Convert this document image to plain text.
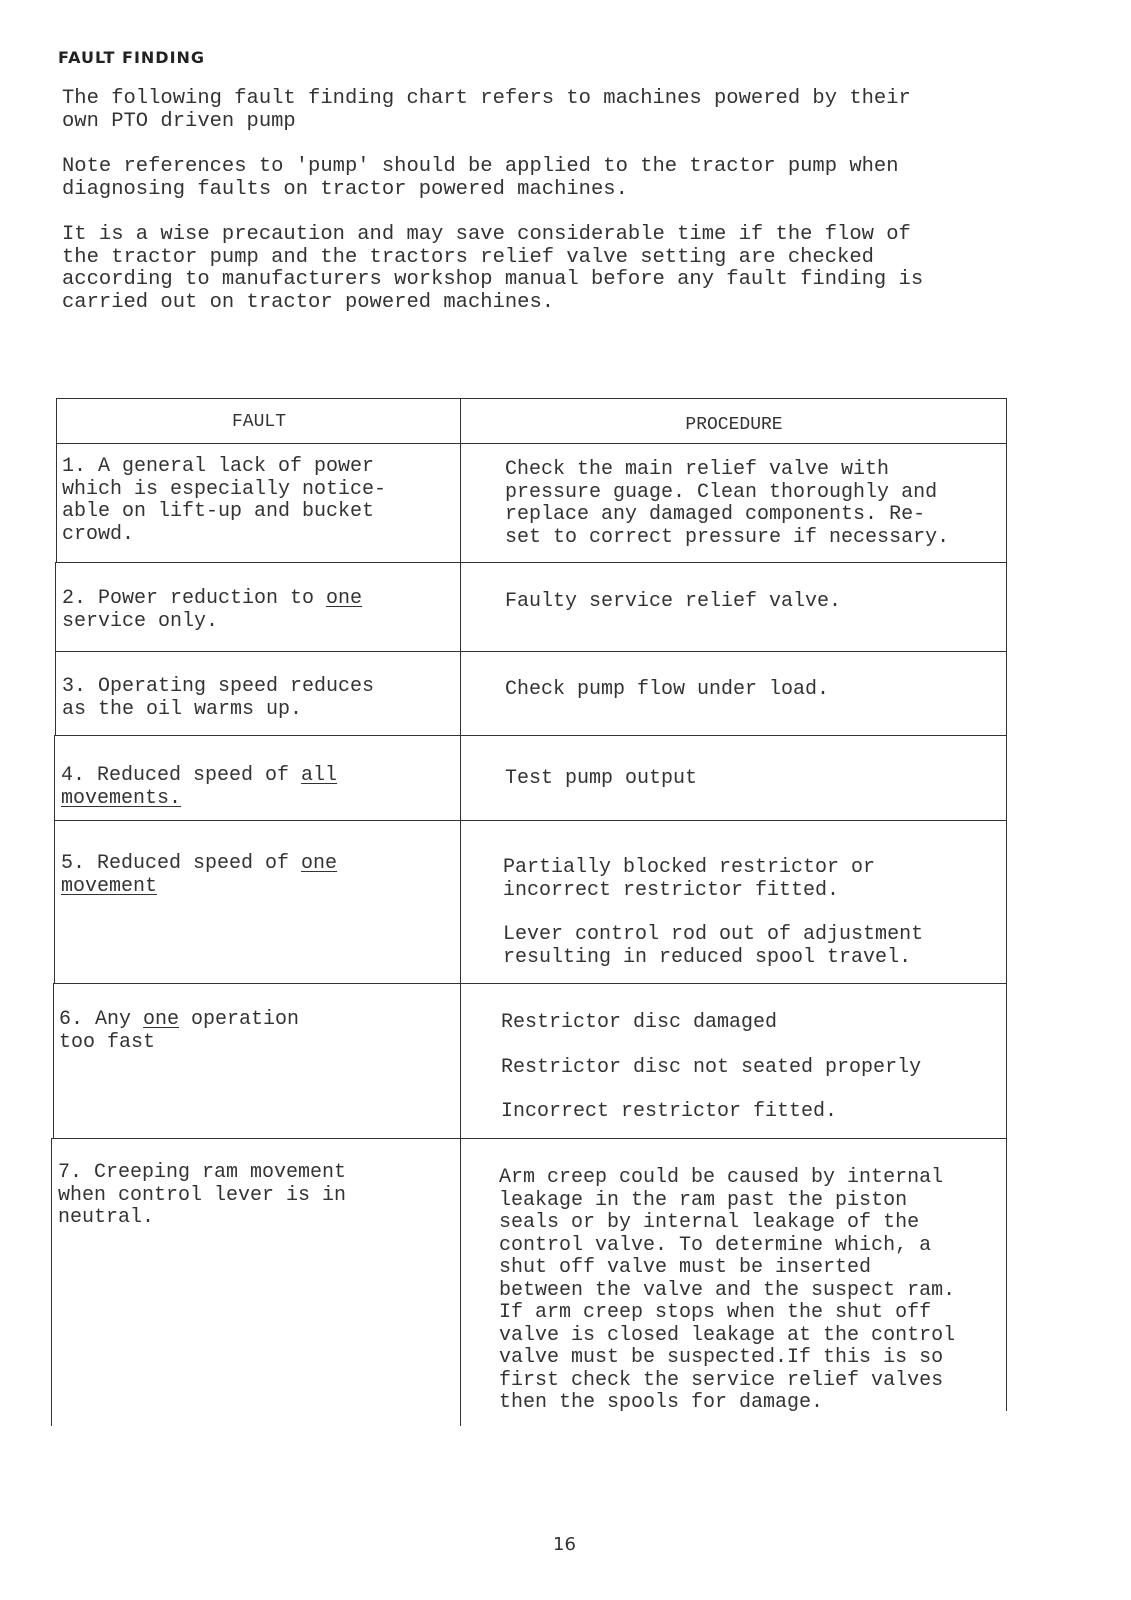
FAULT FINDING
The following fault finding chart refers to machines powered by their
own PTO driven pump
Note references to 'pump' should be applied to the tractor pump when
diagnosing faults on tractor powered machines.
It is a wise precaution and may save considerable time if the flow of
the tractor pump and the tractors relief valve setting are checked
according to manufacturers workshop manual before any fault finding is
carried out on tractor powered machines.
FAULT	PROCEDURE

1. A general lack of power
which is especially notice-
able on lift-up and bucket
crowd.

Check the main relief valve with
pressure guage. Clean thoroughly and
replace any damaged components. Re-
set to correct pressure if necessary.

2. Power reduction to one
service only.

Faulty service relief valve.

3. Operating speed reduces
as the oil warms up.

Check pump flow under load.

4. Reduced speed of all
movements.

Test pump output

5. Reduced speed of one
movement

Partially blocked restrictor or
incorrect restrictor fitted.

Lever control rod out of adjustment
resulting in reduced spool travel.

6. Any one operation
too fast

Restrictor disc damaged

Restrictor disc not seated properly

Incorrect restrictor fitted.

7. Creeping ram movement
when control lever is in
neutral.

Arm creep could be caused by internal
leakage in the ram past the piston
seals or by internal leakage of the
control valve. To determine which, a
shut off valve must be inserted
between the valve and the suspect ram.
If arm creep stops when the shut off
valve is closed leakage at the control
valve must be suspected.If this is so
first check the service relief valves
then the spools for damage.

16
